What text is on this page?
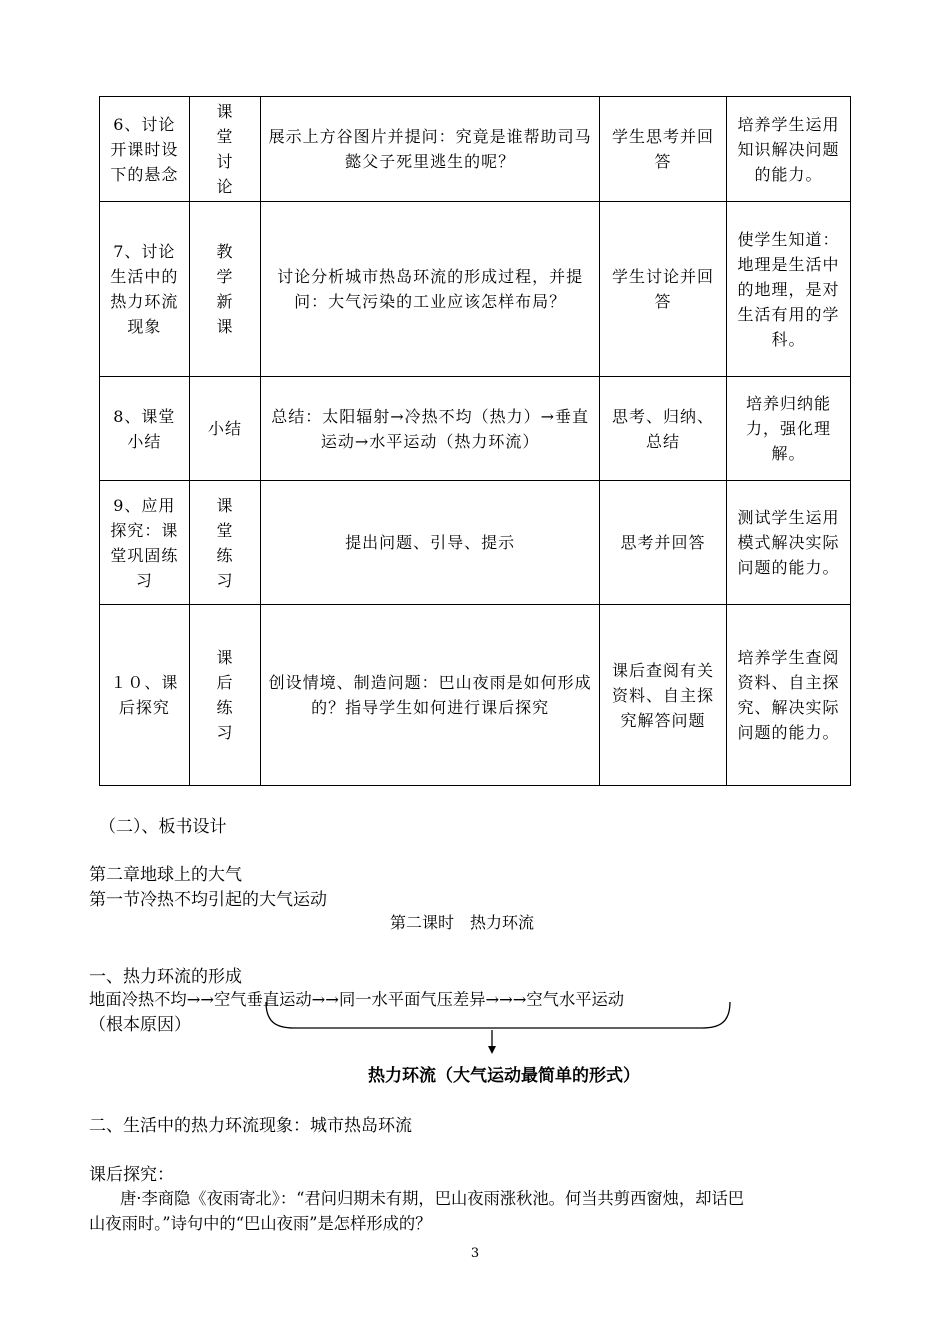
6、讨论开课时设下的悬念	课堂讨论	展示上方谷图片并提问：究竟是谁帮助司马懿父子死里逃生的呢？	学生思考并回答	培养学生运用知识解决问题的能力。
7、讨论生活中的热力环流现象	教学新课	讨论分析城市热岛环流的形成过程，并提问：大气污染的工业应该怎样布局？	学生讨论并回答	使学生知道：地理是生活中的地理，是对生活有用的学科。
8、课堂小结	小结	总结：太阳辐射→冷热不均（热力）→垂直运动→水平运动（热力环流）	思考、归纳、总结	培养归纳能力，强化理解。
9、应用探究：课堂巩固练习	课堂练习	提出问题、引导、提示	思考并回答	测试学生运用模式解决实际问题的能力。
１０、课后探究	课后练习	创设情境、制造问题：巴山夜雨是如何形成的？指导学生如何进行课后探究	课后查阅有关资料、自主探究解答问题	培养学生查阅资料、自主探究、解决实际问题的能力。
（二）、板书设计
第二章地球上的大气
第一节冷热不均引起的大气运动
第二课时　热力环流
一、热力环流的形成
地面冷热不均→→空气垂直运动→→同一水平面气压差异→→→空气水平运动
（根本原因）
热力环流（大气运动最简单的形式）
二、生活中的热力环流现象：城市热岛环流
课后探究：
唐·李商隐《夜雨寄北》：“君问归期未有期，巴山夜雨涨秋池。何当共剪西窗烛，却话巴
山夜雨时。”诗句中的“巴山夜雨”是怎样形成的？
3
